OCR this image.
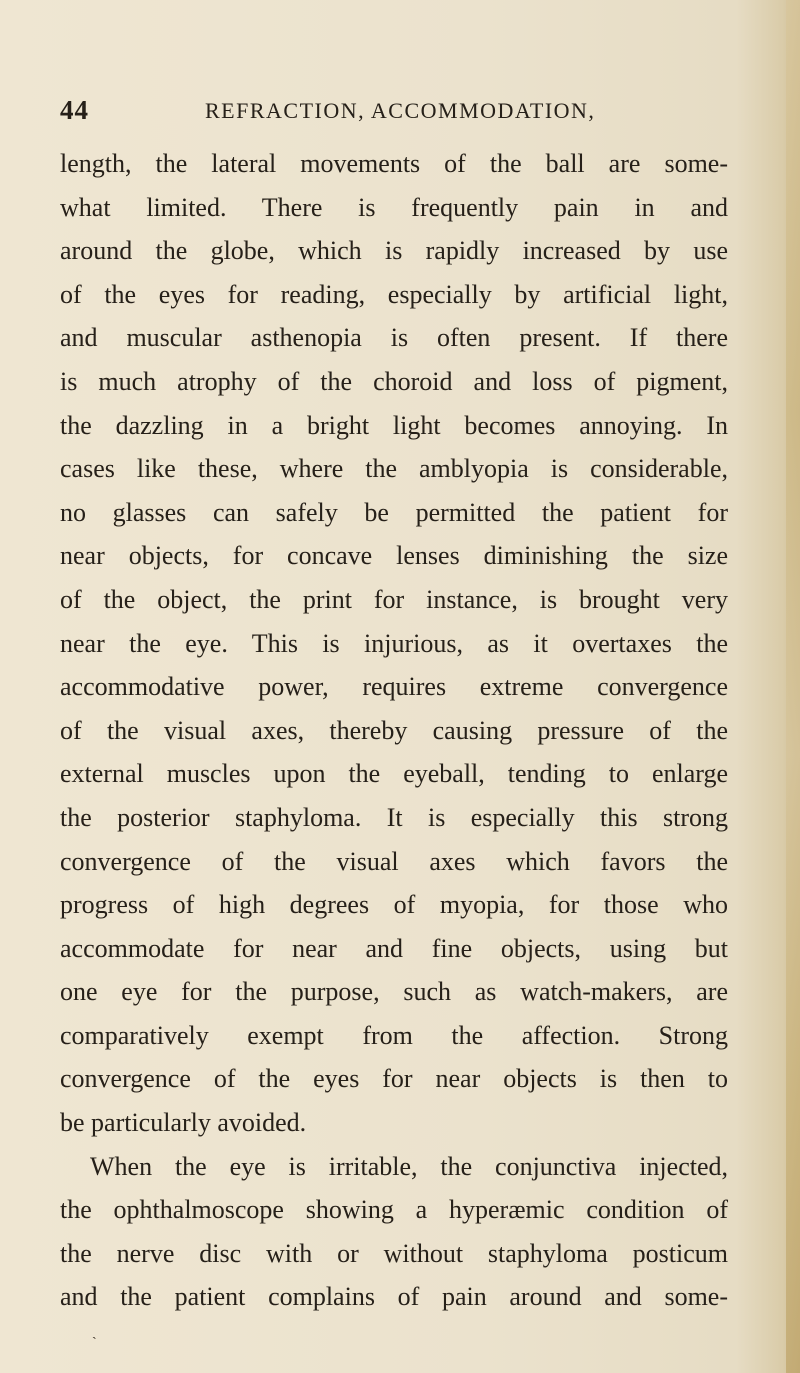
44	REFRACTION, ACCOMMODATION,
length, the lateral movements of the ball are some-
what limited. There is frequently pain in and
around the globe, which is rapidly increased by use
of the eyes for reading, especially by artificial light,
and muscular asthenopia is often present. If there
is much atrophy of the choroid and loss of pigment,
the dazzling in a bright light becomes annoying. In
cases like these, where the amblyopia is considerable,
no glasses can safely be permitted the patient for
near objects, for concave lenses diminishing the size
of the object, the print for instance, is brought very
near the eye. This is injurious, as it overtaxes the
accommodative power, requires extreme convergence
of the visual axes, thereby causing pressure of the
external muscles upon the eyeball, tending to enlarge
the posterior staphyloma. It is especially this strong
convergence of the visual axes which favors the
progress of high degrees of myopia, for those who
accommodate for near and fine objects, using but
one eye for the purpose, such as watch-makers, are
comparatively exempt from the affection. Strong
convergence of the eyes for near objects is then to
be particularly avoided.
When the eye is irritable, the conjunctiva injected,
the ophthalmoscope showing a hyperæmic condition of
the nerve disc with or without staphyloma posticum
and the patient complains of pain around and some-
ˎ
